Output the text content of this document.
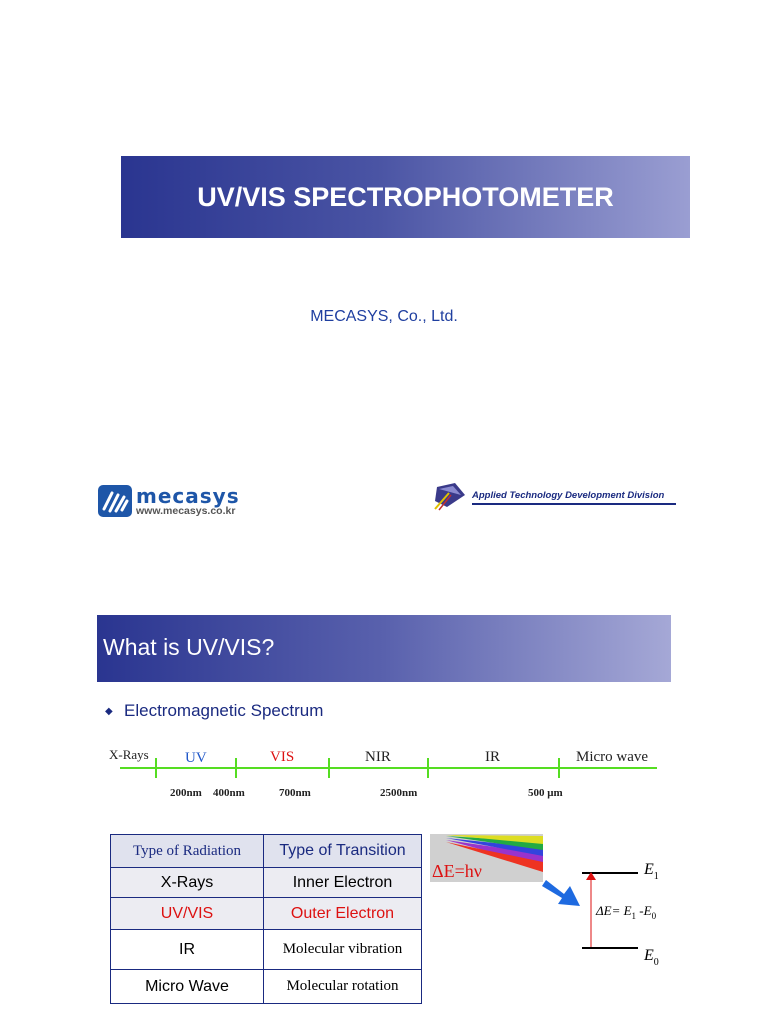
UV/VIS SPECTROPHOTOMETER
MECASYS, Co., Ltd.
mecasys
www.mecasys.co.kr
Applied Technology Development Division
What is UV/VIS?
◆ Electromagnetic Spectrum
X-Rays UV	VIS	NIR	IR	Micro wave
200nm 400nm	700nm	2500nm	500 μm
Type of Radiation	Type of Transition
X-Rays	Inner Electron
UV/VIS	Outer Electron
IR	Molecular vibration
Micro Wave	Molecular rotation
ΔE=hν	$E_1$
$E_0$
$\Delta E= E_1$ $-E_0$
